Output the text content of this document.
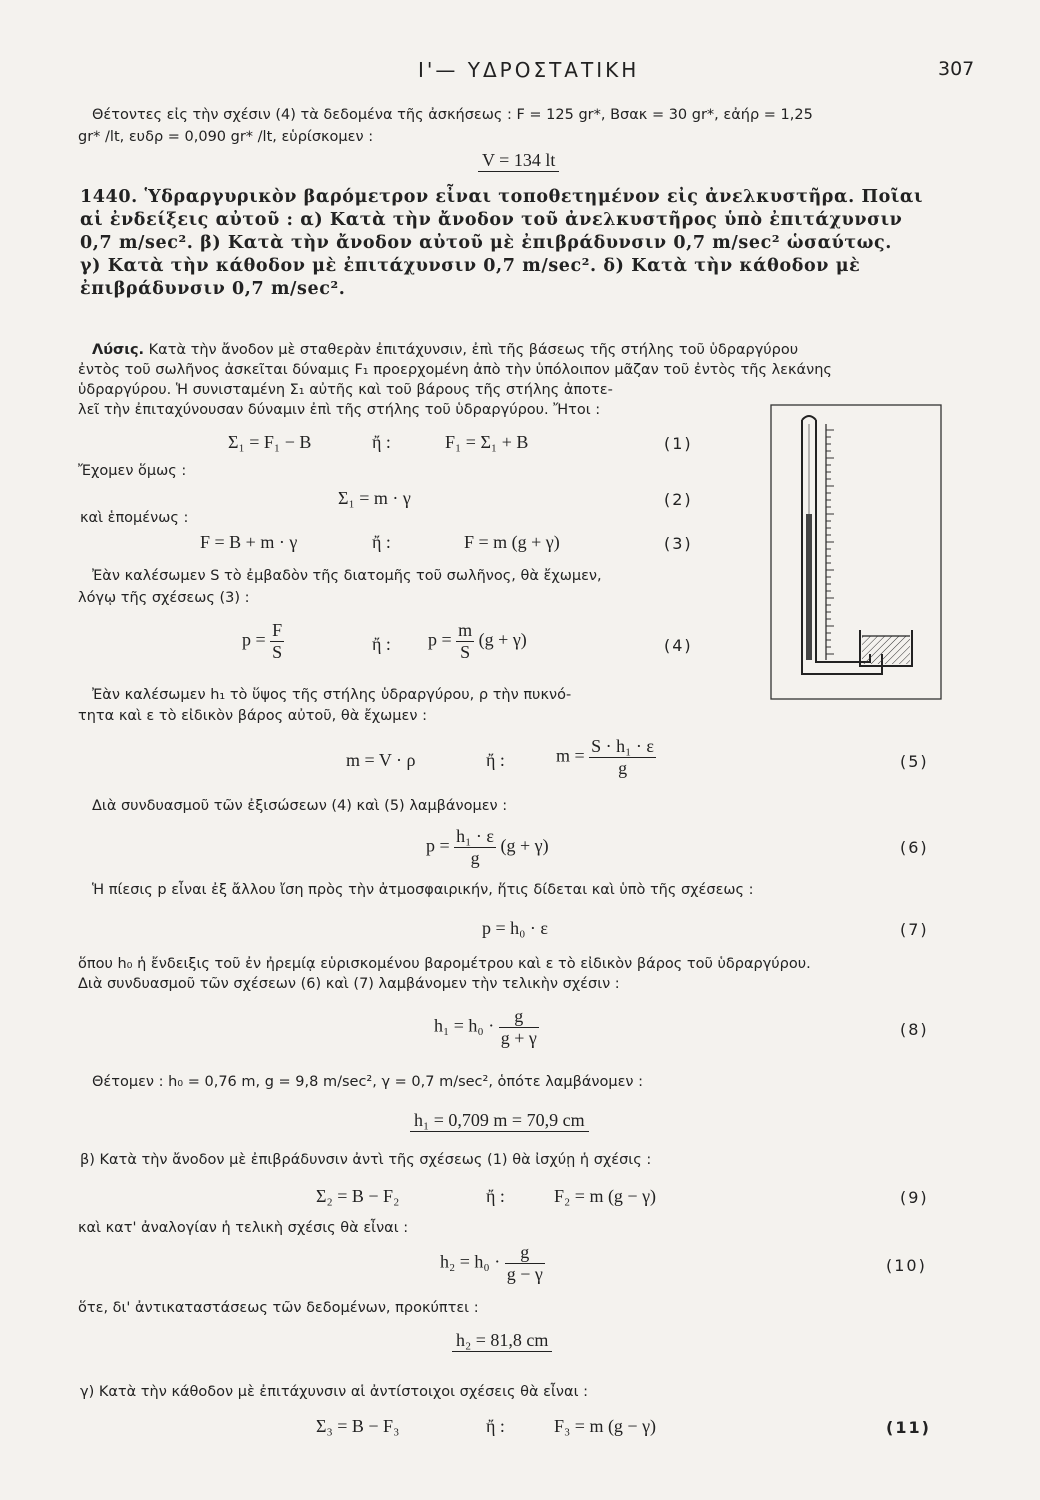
Ι'— ΥΔΡΟΣΤΑΤΙΚΗ	307
Θέτοντες εἰς τὴν σχέσιν (4) τὰ δεδομένα τῆς ἀσκήσεως : F = 125 gr*, Βσακ = 30 gr*, εἀήρ = 1,25
gr* /lt, ευδρ = 0,090 gr* /lt, εὑρίσκομεν :
V = 134 lt
1440. Ὑδραργυρικὸν βαρόμετρον εἶναι τοποθετημένον εἰς ἀνελκυστῆρα. Ποῖαι
αἱ ἐνδείξεις αὐτοῦ : α) Κατὰ τὴν ἄνοδον τοῦ ἀνελκυστῆρος ὑπὸ ἐπιτάχυνσιν
0,7 m/sec². β) Κατὰ τὴν ἄνοδον αὐτοῦ μὲ ἐπιβράδυνσιν 0,7 m/sec² ὡσαύτως.
γ) Κατὰ τὴν κάθοδον μὲ ἐπιτάχυνσιν 0,7 m/sec². δ) Κατὰ τὴν κάθοδον μὲ
ἐπιβράδυνσιν 0,7 m/sec².
Λύσις. Κατὰ τὴν ἄνοδον μὲ σταθερὰν ἐπιτάχυνσιν, ἐπὶ τῆς βάσεως τῆς στήλης τοῦ ὑδραργύρου
ἐντὸς τοῦ σωλῆνος ἀσκεῖται δύναμις F₁ προερχομένη ἀπὸ τὴν ὑπόλοιπον μᾶζαν τοῦ ἐντὸς τῆς λεκάνης
ὑδραργύρου. Ἡ συνισταμένη Σ₁ αὐτῆς καὶ τοῦ βάρους τῆς στήλης ἀποτε-
λεῖ τὴν ἐπιταχύνουσαν δύναμιν ἐπὶ τῆς στήλης τοῦ ὑδραργύρου. Ἤτοι :
Σ₁ = F₁ − B	ἤ :	F₁ = Σ₁ + B	(1)
Ἔχομεν ὅμως :
Σ₁ = m · γ	(2)
καὶ ἑπομένως :
F = B + m · γ	ἤ :	F = m (g + γ)	(3)
Ἐὰν καλέσωμεν S τὸ ἐμβαδὸν τῆς διατομῆς τοῦ σωλῆνος, θὰ ἔχωμεν,
λόγῳ τῆς σχέσεως (3) :
$p = \frac{F}{S}$	ἤ : $p = \frac{m}{S} (g + \gamma)$	(4)
Ἐὰν καλέσωμεν h₁ τὸ ὕψος τῆς στήλης ὑδραργύρου, ρ τὴν πυκνό-
τητα καὶ ε τὸ εἰδικὸν βάρος αὐτοῦ, θὰ ἔχωμεν :
m = V · ρ	ἤ :	$m = \frac{\text{S · h₁ · ε}}{g}$	(5)
Διὰ συνδυασμοῦ τῶν ἐξισώσεων (4) καὶ (5) λαμβάνομεν :
$p = \frac{\text{h₁ · ε}}{g} (g + \gamma)$	(6)
Ἡ πίεσις p εἶναι ἐξ ἄλλου ἴση πρὸς τὴν ἀτμοσφαιρικήν, ἥτις δίδεται καὶ ὑπὸ τῆς σχέσεως :
p = h₀ · ε	(7)
ὅπου h₀ ἡ ἔνδειξις τοῦ ἐν ἠρεμίᾳ εὑρισκομένου βαρομέτρου καὶ ε τὸ εἰδικὸν βάρος τοῦ ὑδραργύρου.
Διὰ συνδυασμοῦ τῶν σχέσεων (6) καὶ (7) λαμβάνομεν τὴν τελικὴν σχέσιν :
$h_1 = h_0 \cdot \frac{g}{g + \gamma}$	(8)
Θέτομεν : h₀ = 0,76 m, g = 9,8 m/sec², γ = 0,7 m/sec², ὁπότε λαμβάνομεν :
h₁ = 0,709 m = 70,9 cm
β) Κατὰ τὴν ἄνοδον μὲ ἐπιβράδυνσιν ἀντὶ τῆς σχέσεως (1) θὰ ἰσχύῃ ἡ σχέσις :
Σ₂ = B − F₂	ἤ :	F₂ = m (g − γ)	(9)
καὶ κατ' ἀναλογίαν ἡ τελικὴ σχέσις θὰ εἶναι :
$h_2 = h_0 \cdot \frac{g}{g - \gamma}$	(10)
ὅτε, δι' ἀντικαταστάσεως τῶν δεδομένων, προκύπτει :
h₂ = 81,8 cm
γ) Κατὰ τὴν κάθοδον μὲ ἐπιτάχυνσιν αἱ ἀντίστοιχοι σχέσεις θὰ εἶναι :
Σ₃ = B − F₃	ἤ :	F₃ = m (g − γ)	(11)
